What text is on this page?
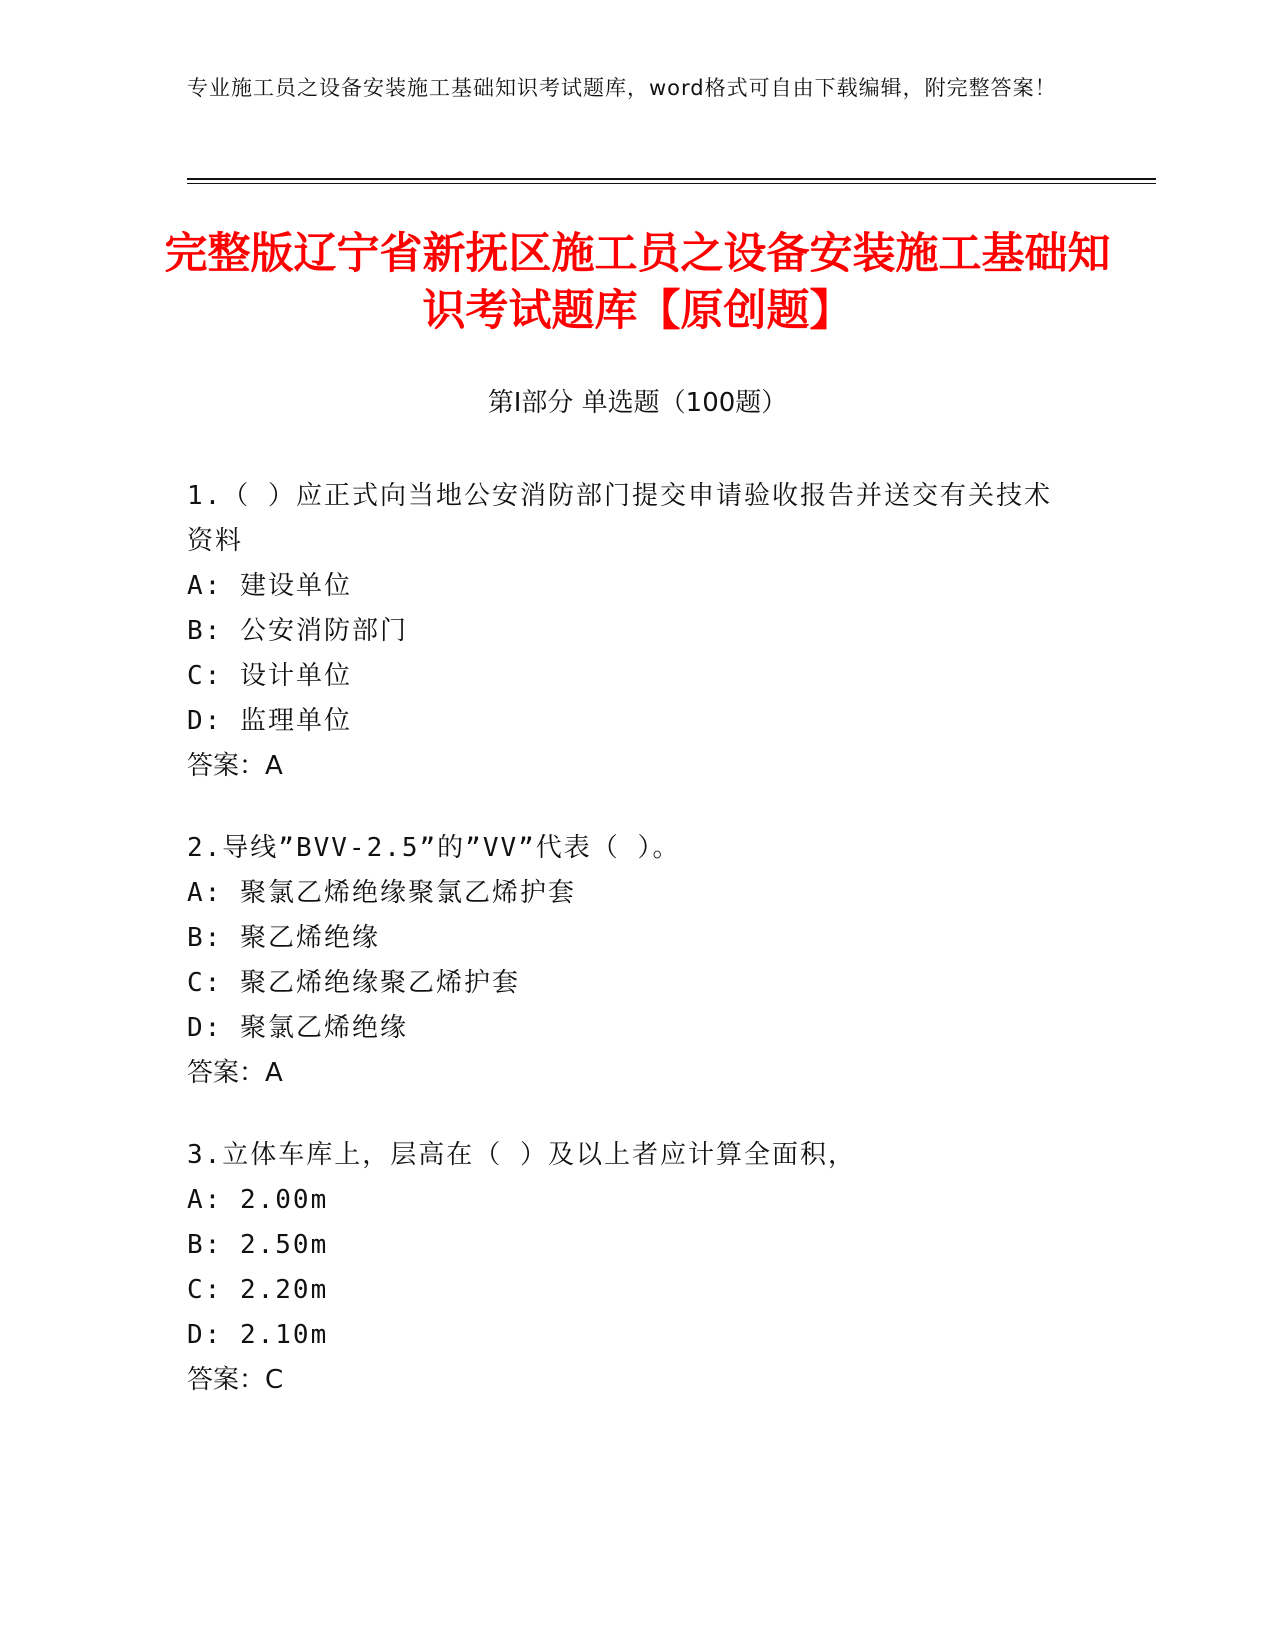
专业施工员之设备安装施工基础知识考试题库，word格式可自由下载编辑，附完整答案！
完整版辽宁省新抚区施工员之设备安装施工基础知识考试题库【原创题】
第I部分 单选题（100题）
1.（ ）应正式向当地公安消防部门提交申请验收报告并送交有关技术资料
A: 建设单位
B: 公安消防部门
C: 设计单位
D: 监理单位
答案：A
2.导线”BVV-2.5”的”VV”代表（ ）。
A: 聚氯乙烯绝缘聚氯乙烯护套
B: 聚乙烯绝缘
C: 聚乙烯绝缘聚乙烯护套
D: 聚氯乙烯绝缘
答案：A
3.立体车库上，层高在（ ）及以上者应计算全面积，
A: 2.00m
B: 2.50m
C: 2.20m
D: 2.10m
答案：C
